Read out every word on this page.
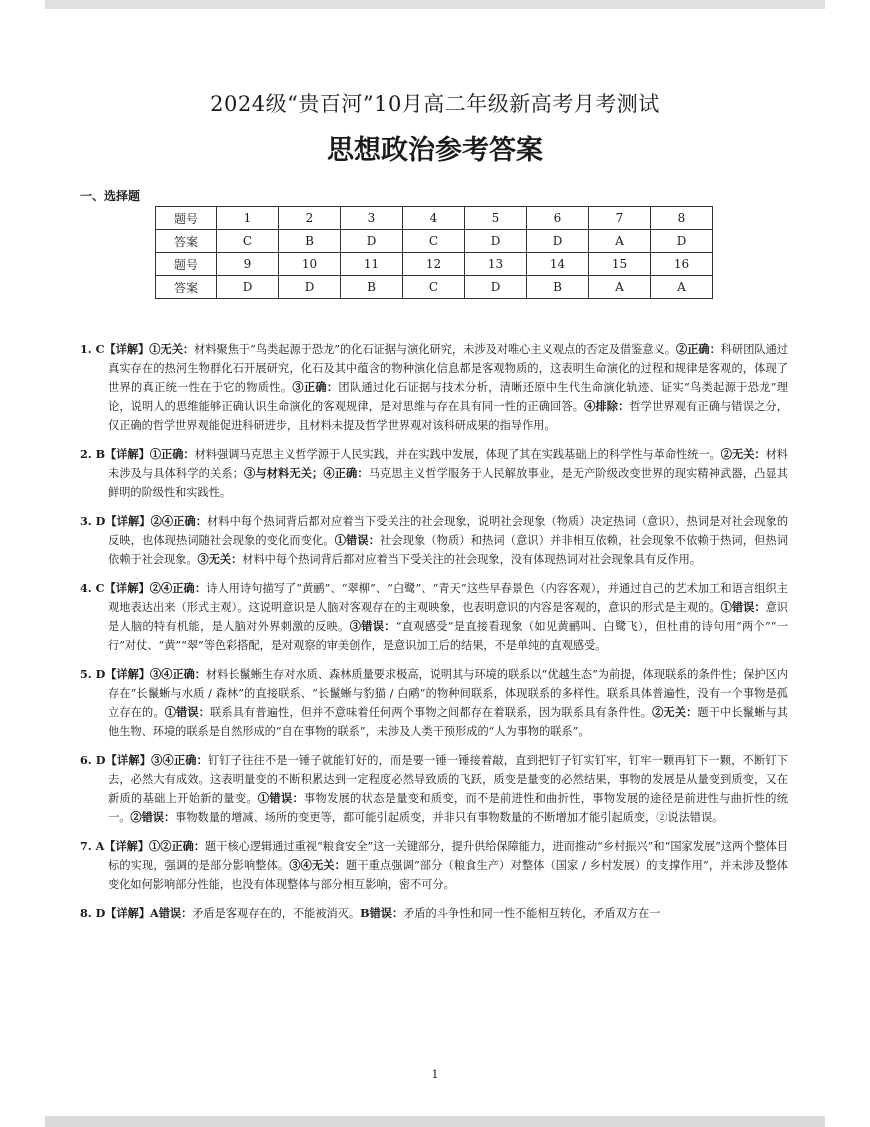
2024级“贵百河”10月高二年级新高考月考测试
思想政治参考答案
一、选择题
题号	1	2	3	4	5	6	7	8
答案	C	B	D	C	D	D	A	D
题号	9	10	11	12	13	14	15	16
答案	D	D	B	C	D	B	A	A
1. C【详解】①无关：材料聚焦于“鸟类起源于恐龙”的化石证据与演化研究，未涉及对唯心主义观点的否定及借鉴意义。②正确：科研团队通过真实存在的热河生物群化石开展研究，化石及其中蕴含的物种演化信息都是客观物质的，这表明生命演化的过程和规律是客观的，体现了世界的真正统一性在于它的物质性。③正确：团队通过化石证据与技术分析，清晰还原中生代生命演化轨迹、证实“鸟类起源于恐龙”理论，说明人的思维能够正确认识生命演化的客观规律，是对思维与存在具有同一性的正确回答。④排除：哲学世界观有正确与错误之分，仅正确的哲学世界观能促进科研进步，且材料未提及哲学世界观对该科研成果的指导作用。
2. B【详解】①正确：材料强调马克思主义哲学源于人民实践，并在实践中发展，体现了其在实践基础上的科学性与革命性统一。②无关：材料未涉及与具体科学的关系；③与材料无关；④正确：马克思主义哲学服务于人民解放事业，是无产阶级改变世界的现实精神武器，凸显其鲜明的阶级性和实践性。
3. D【详解】②④正确：材料中每个热词背后都对应着当下受关注的社会现象，说明社会现象（物质）决定热词（意识），热词是对社会现象的反映，也体现热词随社会现象的变化而变化。①错误：社会现象（物质）和热词（意识）并非相互依赖，社会现象不依赖于热词，但热词依赖于社会现象。③无关：材料中每个热词背后都对应着当下受关注的社会现象，没有体现热词对社会现象具有反作用。
4. C【详解】②④正确：诗人用诗句描写了“黄鹂”、“翠柳”、“白鹭”、“青天”这些早春景色（内容客观），并通过自己的艺术加工和语言组织主观地表达出来（形式主观）。这说明意识是人脑对客观存在的主观映象，也表明意识的内容是客观的，意识的形式是主观的。①错误：意识是人脑的特有机能，是人脑对外界刺激的反映。③错误：“直观感受”是直接看现象（如见黄鹂叫、白鹭飞），但杜甫的诗句用“两个”“一行”对仗、“黄”“翠”等色彩搭配，是对观察的审美创作，是意识加工后的结果，不是单纯的直观感受。
5. D【详解】③④正确：材料长鬣蜥生存对水质、森林质量要求极高，说明其与环境的联系以“优越生态”为前提，体现联系的条件性；保护区内存在“长鬣蜥与水质 / 森林”的直接联系、“长鬣蜥与豹猫 / 白鹇”的物种间联系，体现联系的多样性。联系具体普遍性，没有一个事物是孤立存在的。①错误：联系具有普遍性，但并不意味着任何两个事物之间都存在着联系，因为联系具有条件性。②无关：题干中长鬣蜥与其他生物、环境的联系是自然形成的“自在事物的联系”，未涉及人类干预形成的“人为事物的联系”。
6. D【详解】③④正确：钉钉子往往不是一锤子就能钉好的，而是要一锤一锤接着敲，直到把钉子钉实钉牢，钉牢一颗再钉下一颗，不断钉下去，必然大有成效。这表明量变的不断积累达到一定程度必然导致质的飞跃，质变是量变的必然结果，事物的发展是从量变到质变，又在新质的基础上开始新的量变。①错误：事物发展的状态是量变和质变，而不是前进性和曲折性，事物发展的途径是前进性与曲折性的统一。②错误：事物数量的增减、场所的变更等，都可能引起质变，并非只有事物数量的不断增加才能引起质变，②说法错误。
7. A【详解】①②正确：题干核心逻辑通过重视“粮食安全”这一关键部分，提升供给保障能力，进而推动“乡村振兴”和“国家发展”这两个整体目标的实现，强调的是部分影响整体。③④无关：题干重点强调“部分（粮食生产）对整体（国家 / 乡村发展）的支撑作用”，并未涉及整体变化如何影响部分性能，也没有体现整体与部分相互影响，密不可分。
8. D【详解】A错误：矛盾是客观存在的，不能被消灭。B错误：矛盾的斗争性和同一性不能相互转化，矛盾双方在一
1
